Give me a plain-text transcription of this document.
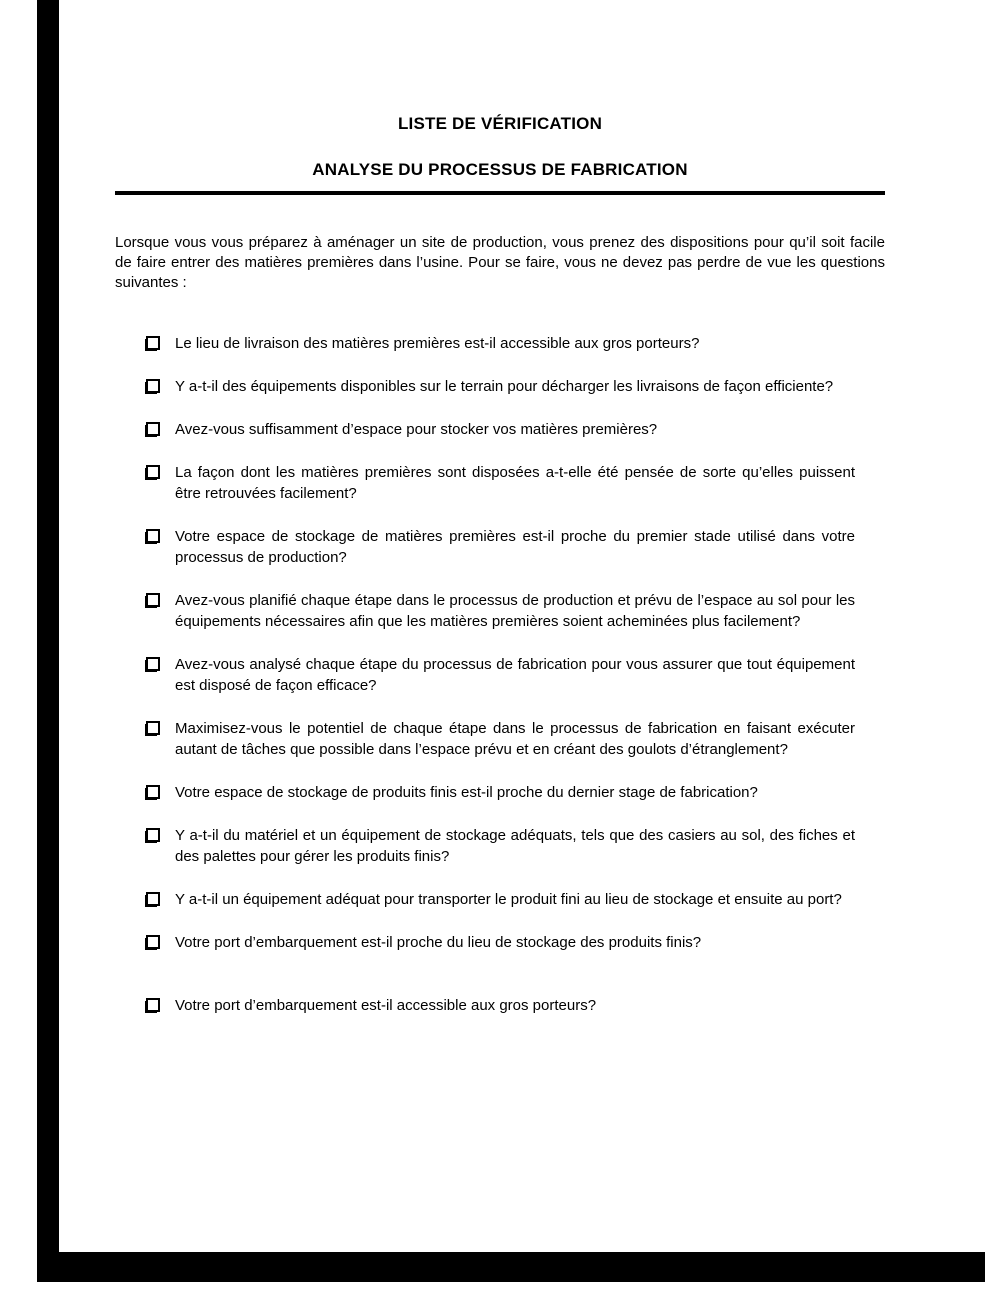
LISTE DE VÉRIFICATION
ANALYSE DU PROCESSUS DE FABRICATION

Lorsque vous vous préparez à aménager un site de production, vous prenez des dispositions pour qu’il soit facile de faire entrer des matières premières dans l’usine. Pour se faire, vous ne devez pas perdre de vue les questions suivantes :

Le lieu de livraison des matières premières est-il accessible aux gros porteurs?
Y a-t-il des équipements disponibles sur le terrain pour décharger les livraisons de façon efficiente?
Avez-vous suffisamment d’espace pour stocker vos matières premières?
La façon dont les matières premières sont disposées a-t-elle été pensée de sorte qu’elles puissent être retrouvées facilement?
Votre espace de stockage de matières premières est-il proche du premier stade utilisé dans votre processus de production?
Avez-vous planifié chaque étape dans le processus de production et prévu de l’espace au sol pour les équipements nécessaires afin que les matières premières soient acheminées plus facilement?
Avez-vous analysé chaque étape du processus de fabrication pour vous assurer que tout équipement est disposé de façon efficace?
Maximisez-vous le potentiel de chaque étape dans le processus de fabrication en faisant exécuter autant de tâches que possible dans l’espace prévu et en créant des goulots d’étranglement?
Votre espace de stockage de produits finis est-il proche du dernier stage de fabrication?
Y a-t-il du matériel et un équipement de stockage adéquats, tels que des casiers au sol, des fiches et des palettes pour gérer les produits finis?
Y a-t-il un équipement adéquat pour transporter le produit fini au lieu de stockage et ensuite au port?
Votre port d’embarquement est-il proche du lieu de stockage des produits finis?
Votre port d’embarquement est-il accessible aux gros porteurs?
